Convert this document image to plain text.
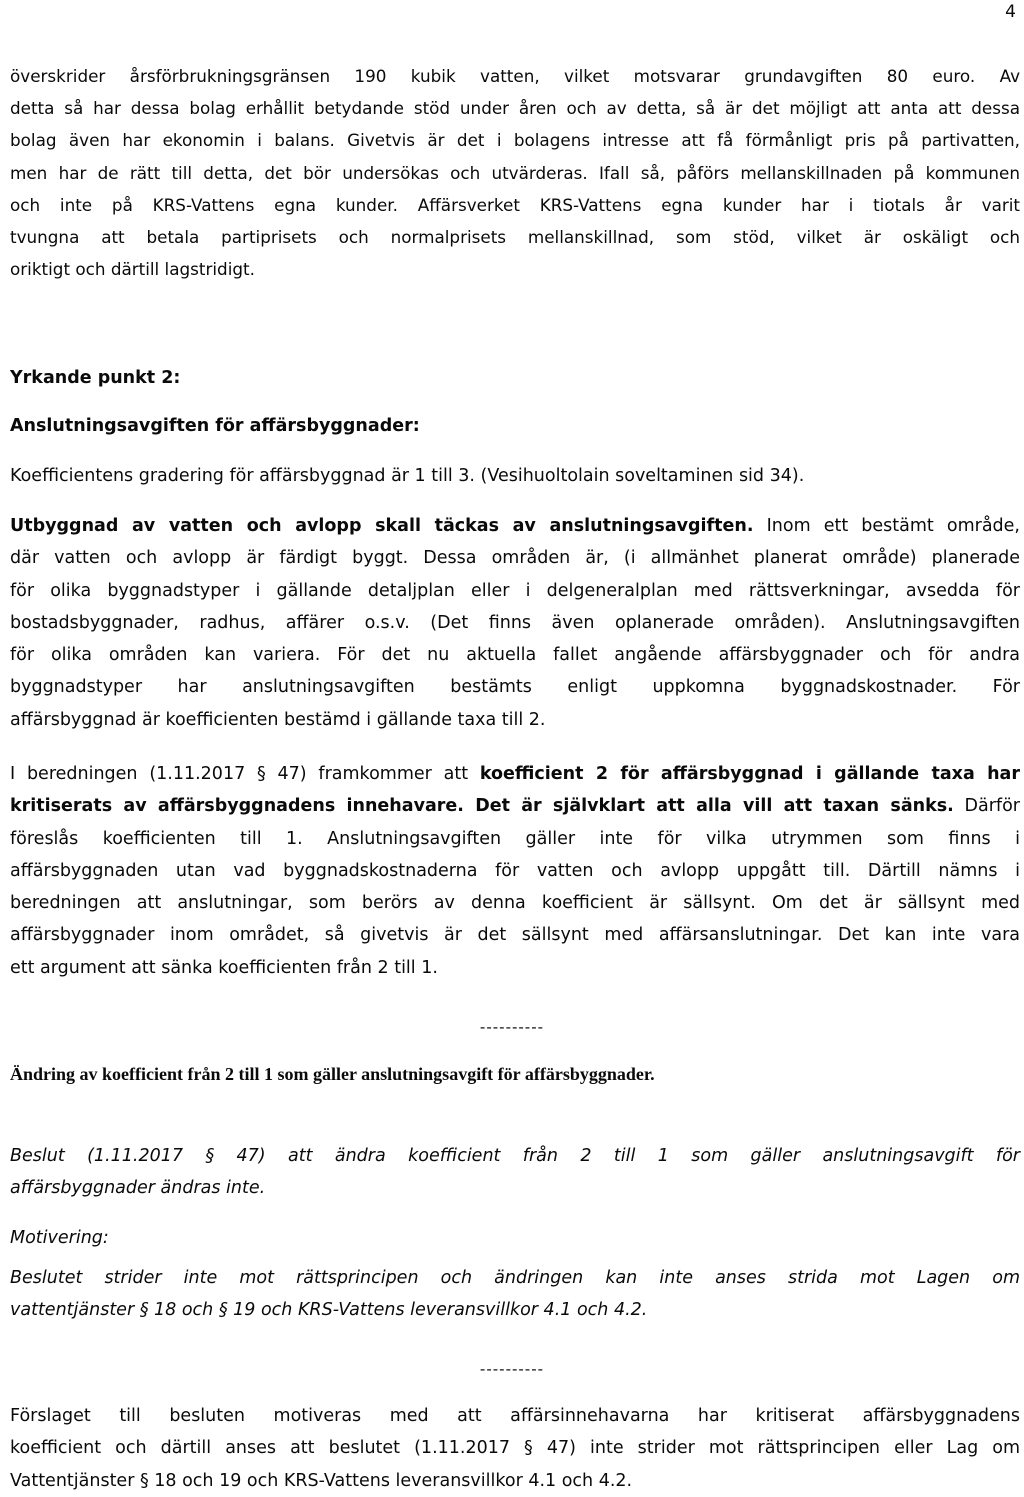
4
överskrider årsförbrukningsgränsen 190 kubik vatten, vilket motsvarar grundavgiften 80 euro. Av
detta så har dessa bolag erhållit betydande stöd under åren och av detta, så är det möjligt att anta att dessa
bolag även har ekonomin i balans. Givetvis är det i bolagens intresse att få förmånligt pris på partivatten,
men har de rätt till detta, det bör undersökas och utvärderas. Ifall så, påförs mellanskillnaden på kommunen
och inte på KRS-Vattens egna kunder. Affärsverket KRS-Vattens egna kunder har i tiotals år varit
tvungna att betala partiprisets och normalprisets mellanskillnad, som stöd, vilket är oskäligt och
oriktigt och därtill lagstridigt.
Yrkande punkt 2:
Anslutningsavgiften för affärsbyggnader:
Koefficientens gradering för affärsbyggnad är 1 till 3. (Vesihuoltolain soveltaminen sid 34).
Utbyggnad av vatten och avlopp skall täckas av anslutningsavgiften. Inom ett bestämt område,
där vatten och avlopp är färdigt byggt. Dessa områden är, (i allmänhet planerat område) planerade
för olika byggnadstyper i gällande detaljplan eller i delgeneralplan med rättsverkningar, avsedda för
bostadsbyggnader, radhus, affärer o.s.v. (Det finns även oplanerade områden). Anslutningsavgiften
för olika områden kan variera. För det nu aktuella fallet angående affärsbyggnader och för andra
byggnadstyper har anslutningsavgiften bestämts enligt uppkomna byggnadskostnader. För
affärsbyggnad är koefficienten bestämd i gällande taxa till 2.
I beredningen (1.11.2017 § 47) framkommer att koefficient 2 för affärsbyggnad i gällande taxa har
kritiserats av affärsbyggnadens innehavare. Det är självklart att alla vill att taxan sänks. Därför
föreslås koefficienten till 1. Anslutningsavgiften gäller inte för vilka utrymmen som finns i
affärsbyggnaden utan vad byggnadskostnaderna för vatten och avlopp uppgått till. Därtill nämns i
beredningen att anslutningar, som berörs av denna koefficient är sällsynt. Om det är sällsynt med
affärsbyggnader inom området, så givetvis är det sällsynt med affärsanslutningar. Det kan inte vara
ett argument att sänka koefficienten från 2 till 1.
----------
Ändring av koefficient från 2 till 1 som gäller anslutningsavgift för affärsbyggnader.
Beslut (1.11.2017 § 47) att ändra koefficient från 2 till 1 som gäller anslutningsavgift för
affärsbyggnader ändras inte.
Motivering:
Beslutet strider inte mot rättsprincipen och ändringen kan inte anses strida mot Lagen om
vattentjänster § 18 och § 19 och KRS-Vattens leveransvillkor 4.1 och 4.2.
----------
Förslaget till besluten motiveras med att affärsinnehavarna har kritiserat affärsbyggnadens
koefficient och därtill anses att beslutet (1.11.2017 § 47) inte strider mot rättsprincipen eller Lag om
Vattentjänster § 18 och 19 och KRS-Vattens leveransvillkor 4.1 och 4.2.
